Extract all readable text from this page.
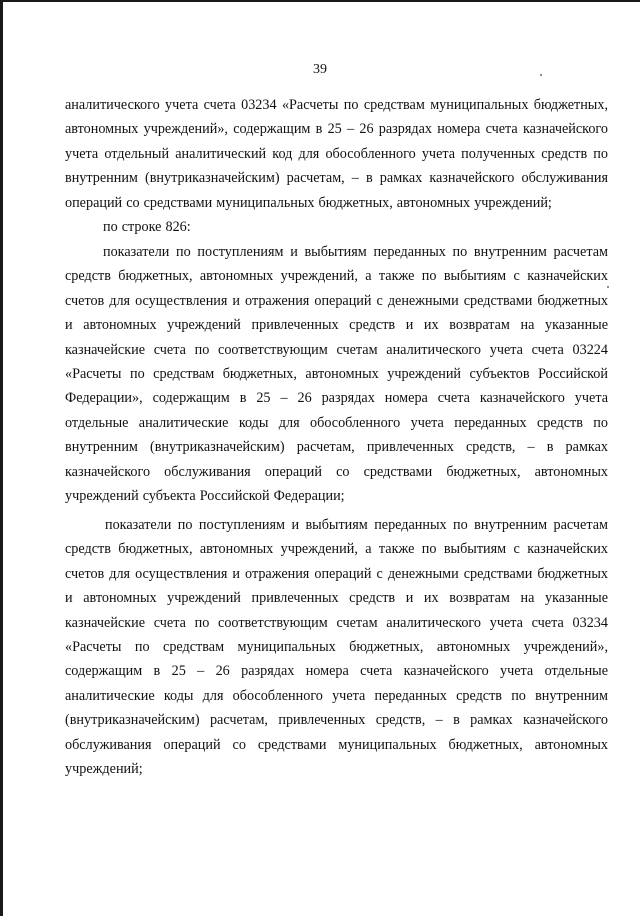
39

аналитического учета счета 03234 «Расчеты по средствам муниципальных бюджетных, автономных учреждений», содержащим в 25 – 26 разрядах номера счета казначейского учета отдельный аналитический код для обособленного учета полученных средств по внутренним (внутриказначейским) расчетам, – в рамках казначейского обслуживания операций со средствами муниципальных бюджетных, автономных учреждений;

по строке 826:

показатели по поступлениям и выбытиям переданных по внутренним расчетам средств бюджетных, автономных учреждений, а также по выбытиям с казначейских счетов для осуществления и отражения операций с денежными средствами бюджетных и автономных учреждений привлеченных средств и их возвратам на указанные казначейские счета по соответствующим счетам аналитического учета счета 03224 «Расчеты по средствам бюджетных, автономных учреждений субъектов Российской Федерации», содержащим в 25 – 26 разрядах номера счета казначейского учета отдельные аналитические коды для обособленного учета переданных средств по внутренним (внутриказначейским) расчетам, привлеченных средств, – в рамках казначейского обслуживания операций со средствами бюджетных, автономных учреждений субъекта Российской Федерации;

показатели по поступлениям и выбытиям переданных по внутренним расчетам средств бюджетных, автономных учреждений, а также по выбытиям с казначейских счетов для осуществления и отражения операций с денежными средствами бюджетных и автономных учреждений привлеченных средств и их возвратам на указанные казначейские счета по соответствующим счетам аналитического учета счета 03234 «Расчеты по средствам муниципальных бюджетных, автономных учреждений», содержащим в 25 – 26 разрядах номера счета казначейского учета отдельные аналитические коды для обособленного учета переданных средств по внутренним (внутриказначейским) расчетам, привлеченных средств, – в рамках казначейского обслуживания операций со средствами муниципальных бюджетных, автономных учреждений;
